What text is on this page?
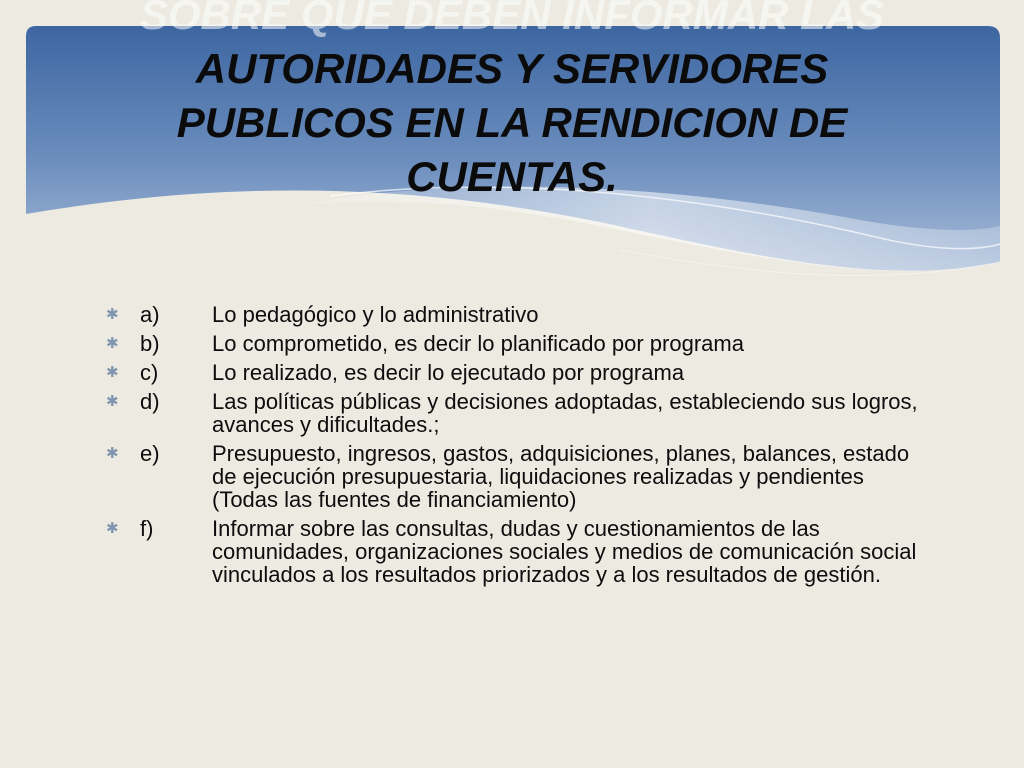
SOBRE QUE DEBEN INFORMAR LAS
AUTORIDADES Y SERVIDORES
PUBLICOS EN LA RENDICION DE
CUENTAS.
✱ a)	Lo pedagógico y lo administrativo
✱ b)	Lo comprometido, es decir lo planificado por programa
✱ c)	Lo realizado, es decir lo ejecutado por programa
✱ d)	Las políticas públicas y decisiones adoptadas, estableciendo sus logros, avances y dificultades.;
✱ e)	Presupuesto, ingresos, gastos, adquisiciones, planes, balances, estado de ejecución presupuestaria, liquidaciones realizadas y pendientes (Todas las fuentes de financiamiento)
✱ f)	Informar sobre las consultas, dudas y cuestionamientos de las comunidades, organizaciones sociales y medios de comunicación social vinculados a los resultados priorizados y a los resultados de gestión.
